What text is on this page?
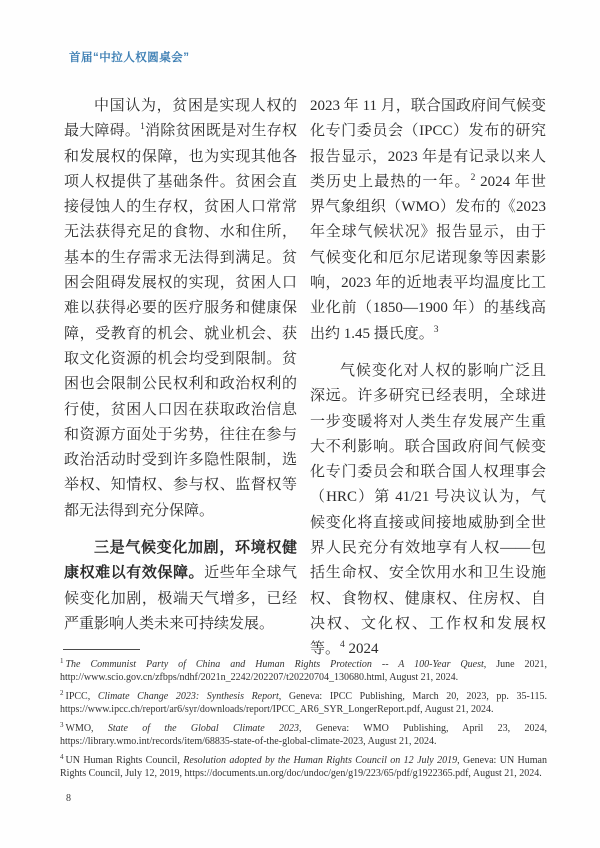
首届“中拉人权圆桌会”

中国认为，贫困是实现人权的最大障碍。$^1$消除贫困既是对生存权和发展权的保障，也为实现其他各项人权提供了基础条件。贫困会直接侵蚀人的生存权，贫困人口常常无法获得充足的食物、水和住所，基本的生存需求无法得到满足。贫困会阻碍发展权的实现，贫困人口难以获得必要的医疗服务和健康保障，受教育的机会、就业机会、获取文化资源的机会均受到限制。贫困也会限制公民权利和政治权利的行使，贫困人口因在获取政治信息和资源方面处于劣势，往往在参与政治活动时受到许多隐性限制，选举权、知情权、参与权、监督权等都无法得到充分保障。

三是气候变化加剧，环境权健康权难以有效保障。近些年全球气候变化加剧，极端天气增多，已经严重影响人类未来可持续发展。

2023 年 11 月，联合国政府间气候变化专门委员会（IPCC）发布的研究报告显示，2023 年是有记录以来人类历史上最热的一年。$^2$ 2024 年世界气象组织（WMO）发布的《2023 年全球气候状况》报告显示，由于气候变化和厄尔尼诺现象等因素影响，2023 年的近地表平均温度比工业化前（1850—1900 年）的基线高出约 1.45 摄氏度。$^3$

气候变化对人权的影响广泛且深远。许多研究已经表明，全球进一步变暖将对人类生存发展产生重大不利影响。联合国政府间气候变化专门委员会和联合国人权理事会（HRC）第 41/21 号决议认为，气候变化将直接或间接地威胁到全世界人民充分有效地享有人权——包括生命权、安全饮用水和卫生设施权、食物权、健康权、住房权、自决权、文化权、工作权和发展权等。$^4$ 2024

$^1$ The Communist Party of China and Human Rights Protection -- A 100-Year Quest, June 2021, http://www.scio.gov.cn/zfbps/ndhf/2021n_2242/202207/t20220704_130680.html, August 21, 2024.

$^2$ IPCC, Climate Change 2023: Synthesis Report, Geneva: IPCC Publishing, March 20, 2023, pp. 35-115. https://www.ipcc.ch/report/ar6/syr/downloads/report/IPCC_AR6_SYR_LongerReport.pdf, August 21, 2024.

$^3$ WMO, State of the Global Climate 2023, Geneva: WMO Publishing, April 23, 2024, https://library.wmo.int/records/item/68835-state-of-the-global-climate-2023, August 21, 2024.

$^4$ UN Human Rights Council, Resolution adopted by the Human Rights Council on 12 July 2019, Geneva: UN Human Rights Council, July 12, 2019, https://documents.un.org/doc/undoc/gen/g19/223/65/pdf/g1922365.pdf, August 21, 2024.

8
